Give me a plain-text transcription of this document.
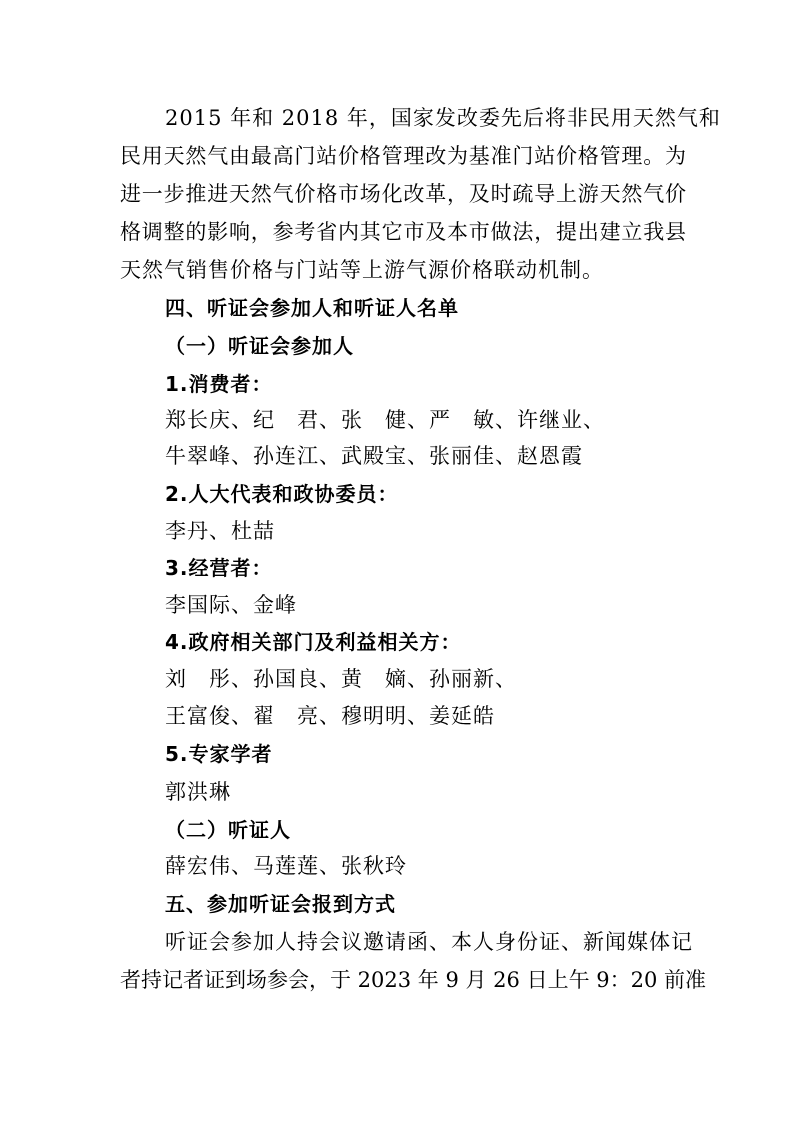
2015 年和 2018 年，国家发改委先后将非民用天然气和
民用天然气由最高门站价格管理改为基准门站价格管理。为
进一步推进天然气价格市场化改革，及时疏导上游天然气价
格调整的影响，参考省内其它市及本市做法，提出建立我县
天然气销售价格与门站等上游气源价格联动机制。
四、听证会参加人和听证人名单
（一）听证会参加人
1.消费者：
郑长庆、纪　君、张　健、严　敏、许继业、
牛翠峰、孙连江、武殿宝、张丽佳、赵恩霞
2.人大代表和政协委员：
李丹、杜喆
3.经营者：
李国际、金峰
4.政府相关部门及利益相关方：
刘　彤、孙国良、黄　嫡、孙丽新、
王富俊、翟　亮、穆明明、姜延皓
5.专家学者
郭洪琳
（二）听证人
薛宏伟、马莲莲、张秋玲
五、参加听证会报到方式
听证会参加人持会议邀请函、本人身份证、新闻媒体记
者持记者证到场参会，于 2023 年 9 月 26 日上午 9：20 前准
